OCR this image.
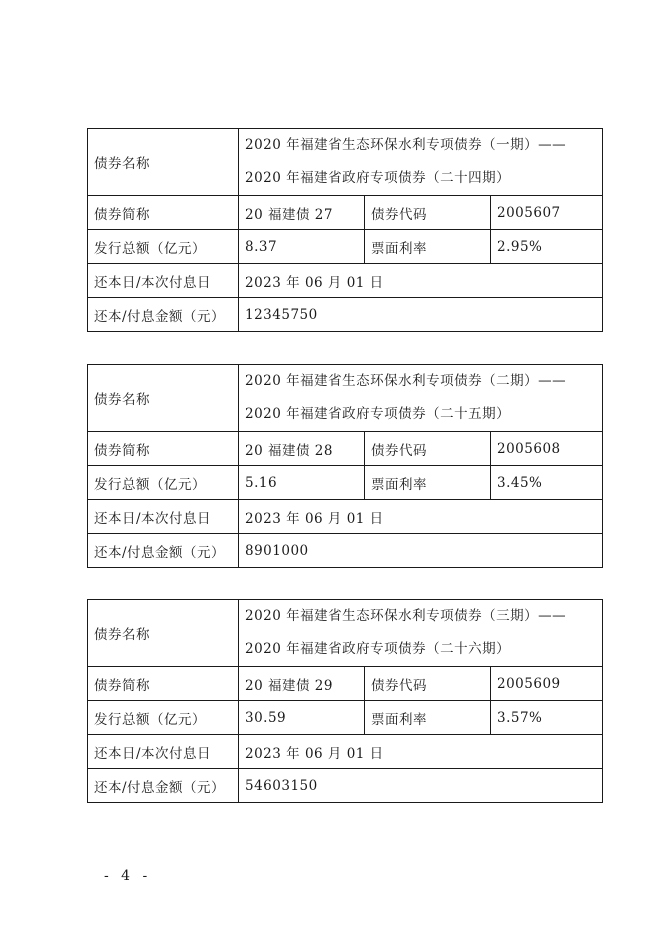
债券名称	2020 年福建省生态环保水利专项债券（一期）——
2020 年福建省政府专项债券（二十四期）		

债券简称	20 福建债 27	债券代码	2005607
发行总额（亿元）	8.37	票面利率	2.95%
还本日/本次付息日	2023 年 06 月 01 日		
还本/付息金额（元）	12345750		
债券名称	2020 年福建省生态环保水利专项债券（二期）——
2020 年福建省政府专项债券（二十五期）		

债券简称	20 福建债 28	债券代码	2005608
发行总额（亿元）	5.16	票面利率	3.45%
还本日/本次付息日	2023 年 06 月 01 日		
还本/付息金额（元）	8901000		
债券名称	2020 年福建省生态环保水利专项债券（三期）——
2020 年福建省政府专项债券（二十六期）		

债券简称	20 福建债 29	债券代码	2005609
发行总额（亿元）	30.59	票面利率	3.57%
还本日/本次付息日	2023 年 06 月 01 日		
还本/付息金额（元）	54603150		
- 4 -
